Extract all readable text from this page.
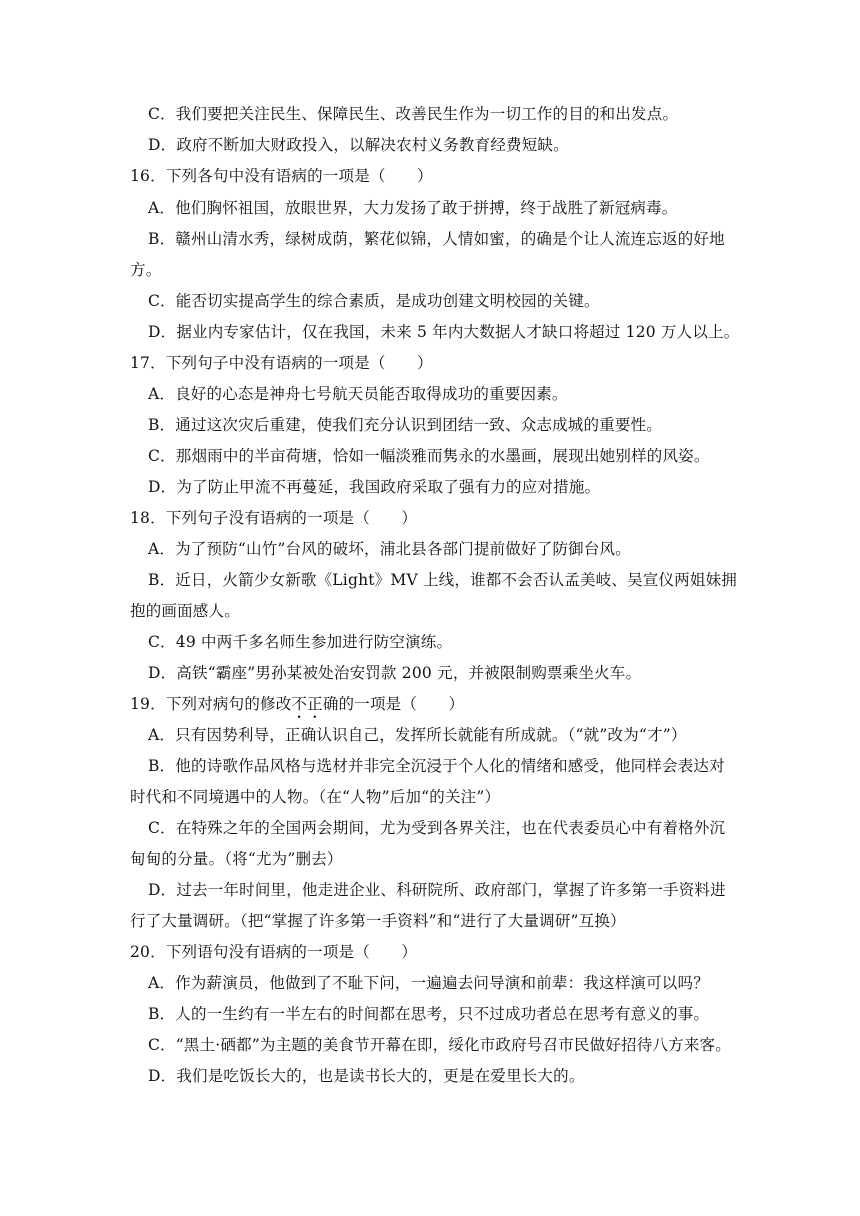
C．我们要把关注民生、保障民生、改善民生作为一切工作的目的和出发点。
D．政府不断加大财政投入，以解决农村义务教育经费短缺。
16．下列各句中没有语病的一项是（　　）
A．他们胸怀祖国，放眼世界，大力发扬了敢于拼搏，终于战胜了新冠病毒。
B．赣州山清水秀，绿树成荫，繁花似锦，人情如蜜，的确是个让人流连忘返的好地
方。
C．能否切实提高学生的综合素质，是成功创建文明校园的关键。
D．据业内专家估计，仅在我国，未来 5 年内大数据人才缺口将超过 120 万人以上。
17．下列句子中没有语病的一项是（　　）
A．良好的心态是神舟七号航天员能否取得成功的重要因素。
B．通过这次灾后重建，使我们充分认识到团结一致、众志成城的重要性。
C．那烟雨中的半亩荷塘，恰如一幅淡雅而隽永的水墨画，展现出她别样的风姿。
D．为了防止甲流不再蔓延，我国政府采取了强有力的应对措施。
18．下列句子没有语病的一项是（　　）
A．为了预防“山竹”台风的破坏，浦北县各部门提前做好了防御台风。
B．近日，火箭少女新歌《Light》MV 上线，谁都不会否认孟美岐、吴宣仪两姐妹拥
抱的画面感人。
C．49 中两千多名师生参加进行防空演练。
D．高铁“霸座”男孙某被处治安罚款 200 元，并被限制购票乘坐火车。
19．下列对病句的修改不正确的一项是（　　）
A．只有因势利导，正确认识自己，发挥所长就能有所成就。（“就”改为“才”）
B．他的诗歌作品风格与选材并非完全沉浸于个人化的情绪和感受，他同样会表达对
时代和不同境遇中的人物。（在“人物”后加“的关注”）
C．在特殊之年的全国两会期间，尤为受到各界关注，也在代表委员心中有着格外沉
甸甸的分量。（将“尤为”删去）
D．过去一年时间里，他走进企业、科研院所、政府部门，掌握了许多第一手资料进
行了大量调研。（把“掌握了许多第一手资料”和“进行了大量调研”互换）
20．下列语句没有语病的一项是（　　）
A．作为薪演员，他做到了不耻下问，一遍遍去问导演和前辈：我这样演可以吗？
B．人的一生约有一半左右的时间都在思考，只不过成功者总在思考有意义的事。
C．“黑土·硒都”为主题的美食节开幕在即，绥化市政府号召市民做好招待八方来客。
D．我们是吃饭长大的，也是读书长大的，更是在爱里长大的。
